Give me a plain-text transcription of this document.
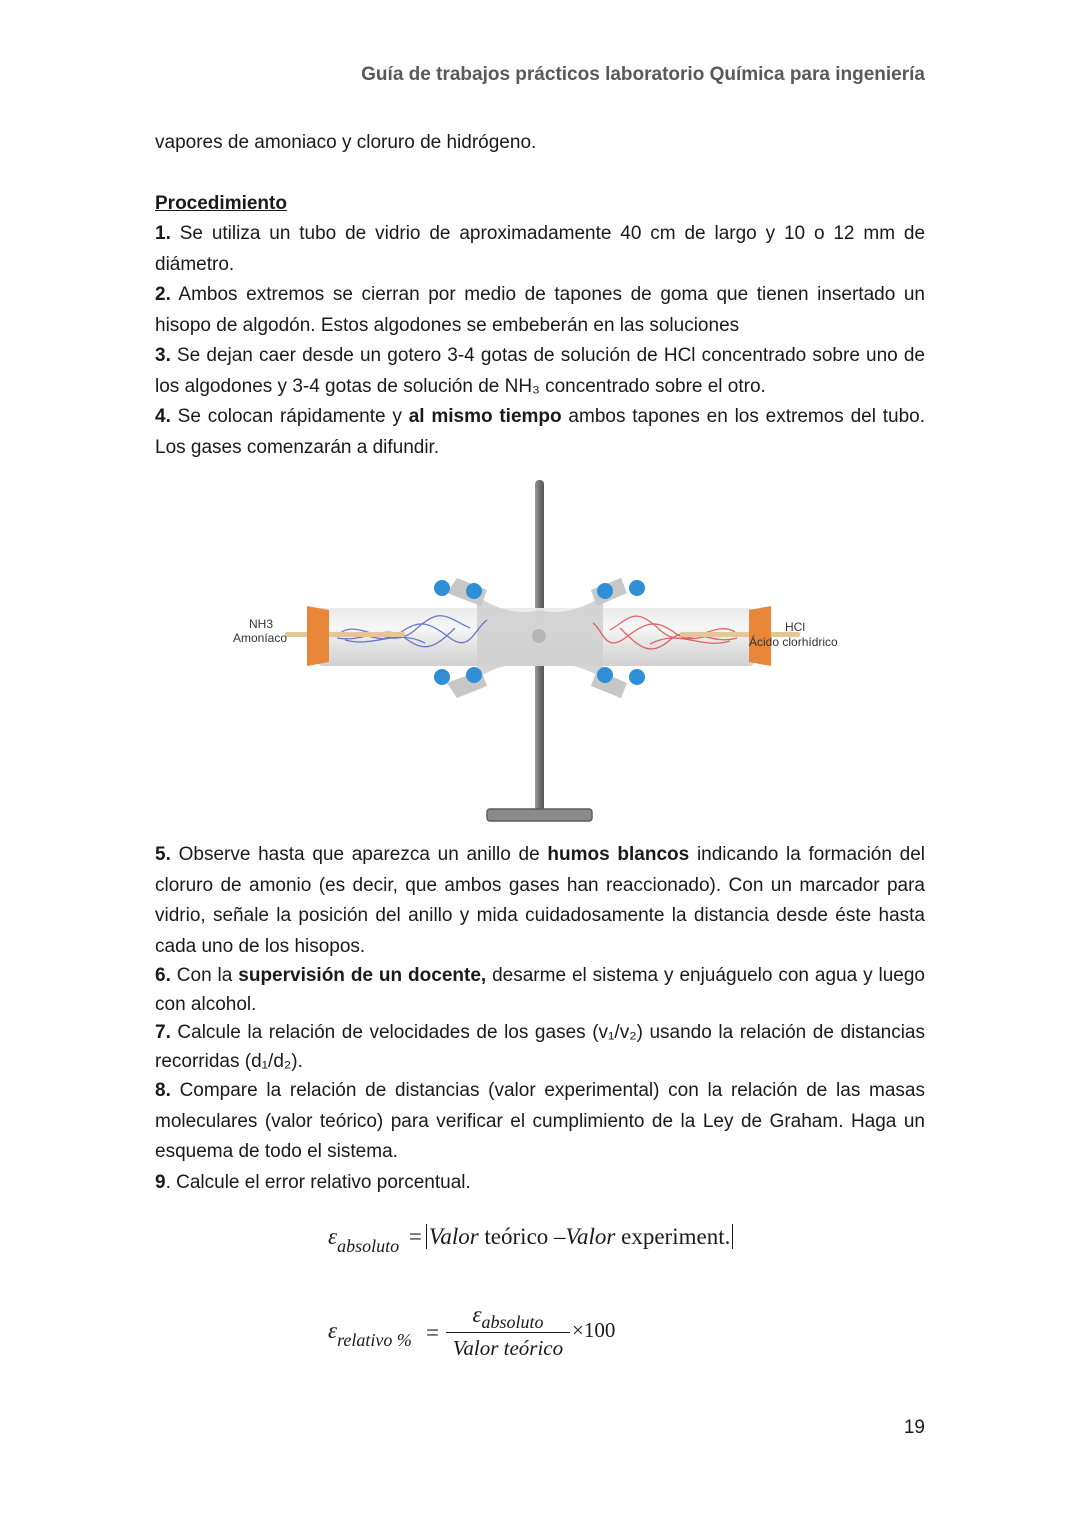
Guía de trabajos prácticos laboratorio Química para ingeniería

vapores de amoniaco y cloruro de hidrógeno.

Procedimiento

1. Se utiliza un tubo de vidrio de aproximadamente 40 cm de largo y 10 o 12 mm de diámetro.

2. Ambos extremos se cierran por medio de tapones de goma que tienen insertado un hisopo de algodón. Estos algodones se embeberán en las soluciones

3. Se dejan caer desde un gotero 3-4 gotas de solución de HCl concentrado sobre uno de los algodones y 3-4 gotas de solución de NH₃ concentrado sobre el otro.

4. Se colocan rápidamente y al mismo tiempo ambos tapones en los extremos del tubo. Los gases comenzarán a difundir.

NH3
Amoníaco
HCl
Ácido clorhídrico

5. Observe hasta que aparezca un anillo de humos blancos indicando la formación del cloruro de amonio (es decir, que ambos gases han reaccionado). Con un marcador para vidrio, señale la posición del anillo y mida cuidadosamente la distancia desde éste hasta cada uno de los hisopos.

6. Con la supervisión de un docente, desarme el sistema y enjuáguelo con agua y luego con alcohol.

7. Calcule la relación de velocidades de los gases (v₁/v₂) usando la relación de distancias recorridas (d₁/d₂).

8. Compare la relación de distancias (valor experimental) con la relación de las masas moleculares (valor teórico) para verificar el cumplimiento de la Ley de Graham. Haga un esquema de todo el sistema.

9. Calcule el error relativo porcentual.

$\varepsilon_{absoluto}$ = Valor teórico –Valor experiment.
$\varepsilon_{relativo \%}$ =
$\varepsilon_{absoluto}$
Valor teórico
×100
19
